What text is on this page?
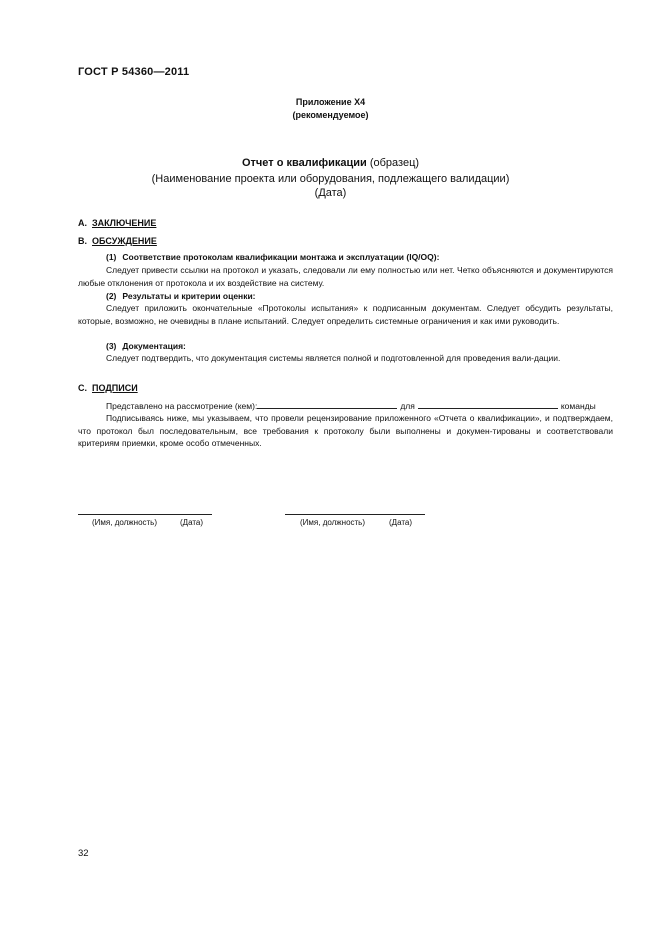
ГОСТ Р 54360—2011
Приложение Х4
(рекомендуемое)
Отчет о квалификации (образец)
(Наименование проекта или оборудования, подлежащего валидации)
(Дата)
A. ЗАКЛЮЧЕНИЕ
B. ОБСУЖДЕНИЕ
(1) Соответствие протоколам квалификации монтажа и эксплуатации (IQ/OQ):
Следует привести ссылки на протокол и указать, следовали ли ему полностью или нет. Четко объясняются и документируются любые отклонения от протокола и их воздействие на систему.
(2) Результаты и критерии оценки:
Следует приложить окончательные «Протоколы испытания» к подписанным документам. Следует обсудить результаты, которые, возможно, не очевидны в плане испытаний. Следует определить системные ограничения и как ими руководить.
(3) Документация:
Следует подтвердить, что документация системы является полной и подготовленной для проведения вали-дации.
C. ПОДПИСИ
Представлено на рассмотрение (кем):	для	команды
Подписываясь ниже, мы указываем, что провели рецензирование приложенного «Отчета о квалификации», и подтверждаем, что протокол был последовательным, все требования к протоколу были выполнены и докумен-тированы и соответствовали критериям приемки, кроме особо отмеченных.
(Имя, должность)	(Дата)	(Имя, должность)	(Дата)
32
